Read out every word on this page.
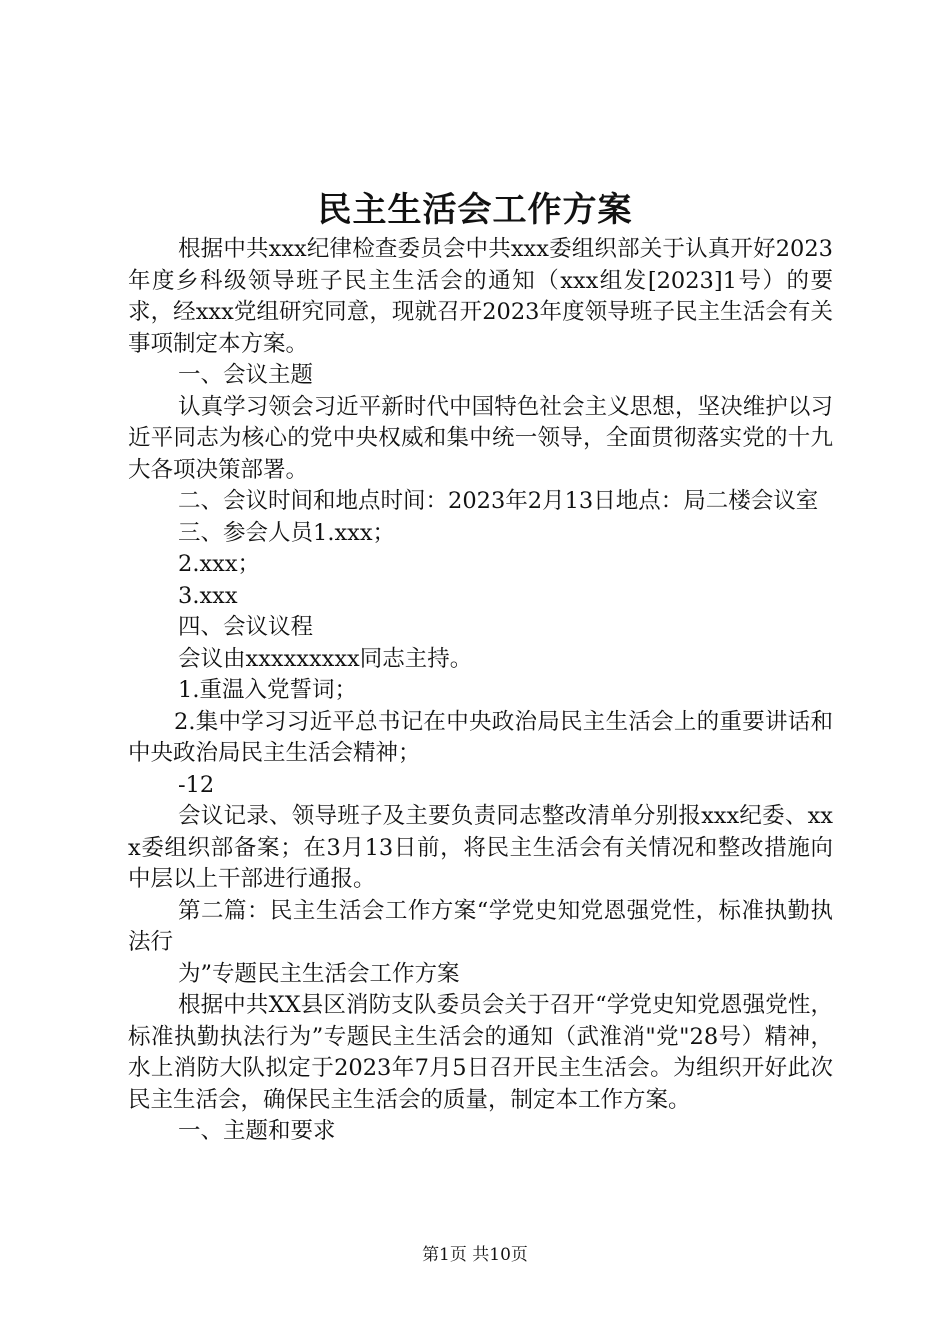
民主生活会工作方案

根据中共xxx纪律检查委员会中共xxx委组织部关于认真开好2023年度乡科级领导班子民主生活会的通知（xxx组发[2023]1号）的要求，经xxx党组研究同意，现就召开2023年度领导班子民主生活会有关事项制定本方案。

一、会议主题

认真学习领会习近平新时代中国特色社会主义思想，坚决维护以习近平同志为核心的党中央权威和集中统一领导，全面贯彻落实党的十九大各项决策部署。

二、会议时间和地点时间：2023年2月13日地点：局二楼会议室

三、参会人员1.xxx；

2.xxx；

3.xxx

四、会议议程

会议由xxxxxxxxx同志主持。

1.重温入党誓词；

2.集中学习习近平总书记在中央政治局民主生活会上的重要讲话和中央政治局民主生活会精神；

-12

会议记录、领导班子及主要负责同志整改清单分别报xxx纪委、xxx委组织部备案；在3月13日前，将民主生活会有关情况和整改措施向中层以上干部进行通报。

第二篇：民主生活会工作方案“学党史知党恩强党性，标准执勤执法行

为”专题民主生活会工作方案

根据中共XX县区消防支队委员会关于召开“学党史知党恩强党性，标准执勤执法行为”专题民主生活会的通知（武淮消"党"28号）精神，水上消防大队拟定于2023年7月5日召开民主生活会。为组织开好此次民主生活会，确保民主生活会的质量，制定本工作方案。

一、主题和要求

第1页 共10页
